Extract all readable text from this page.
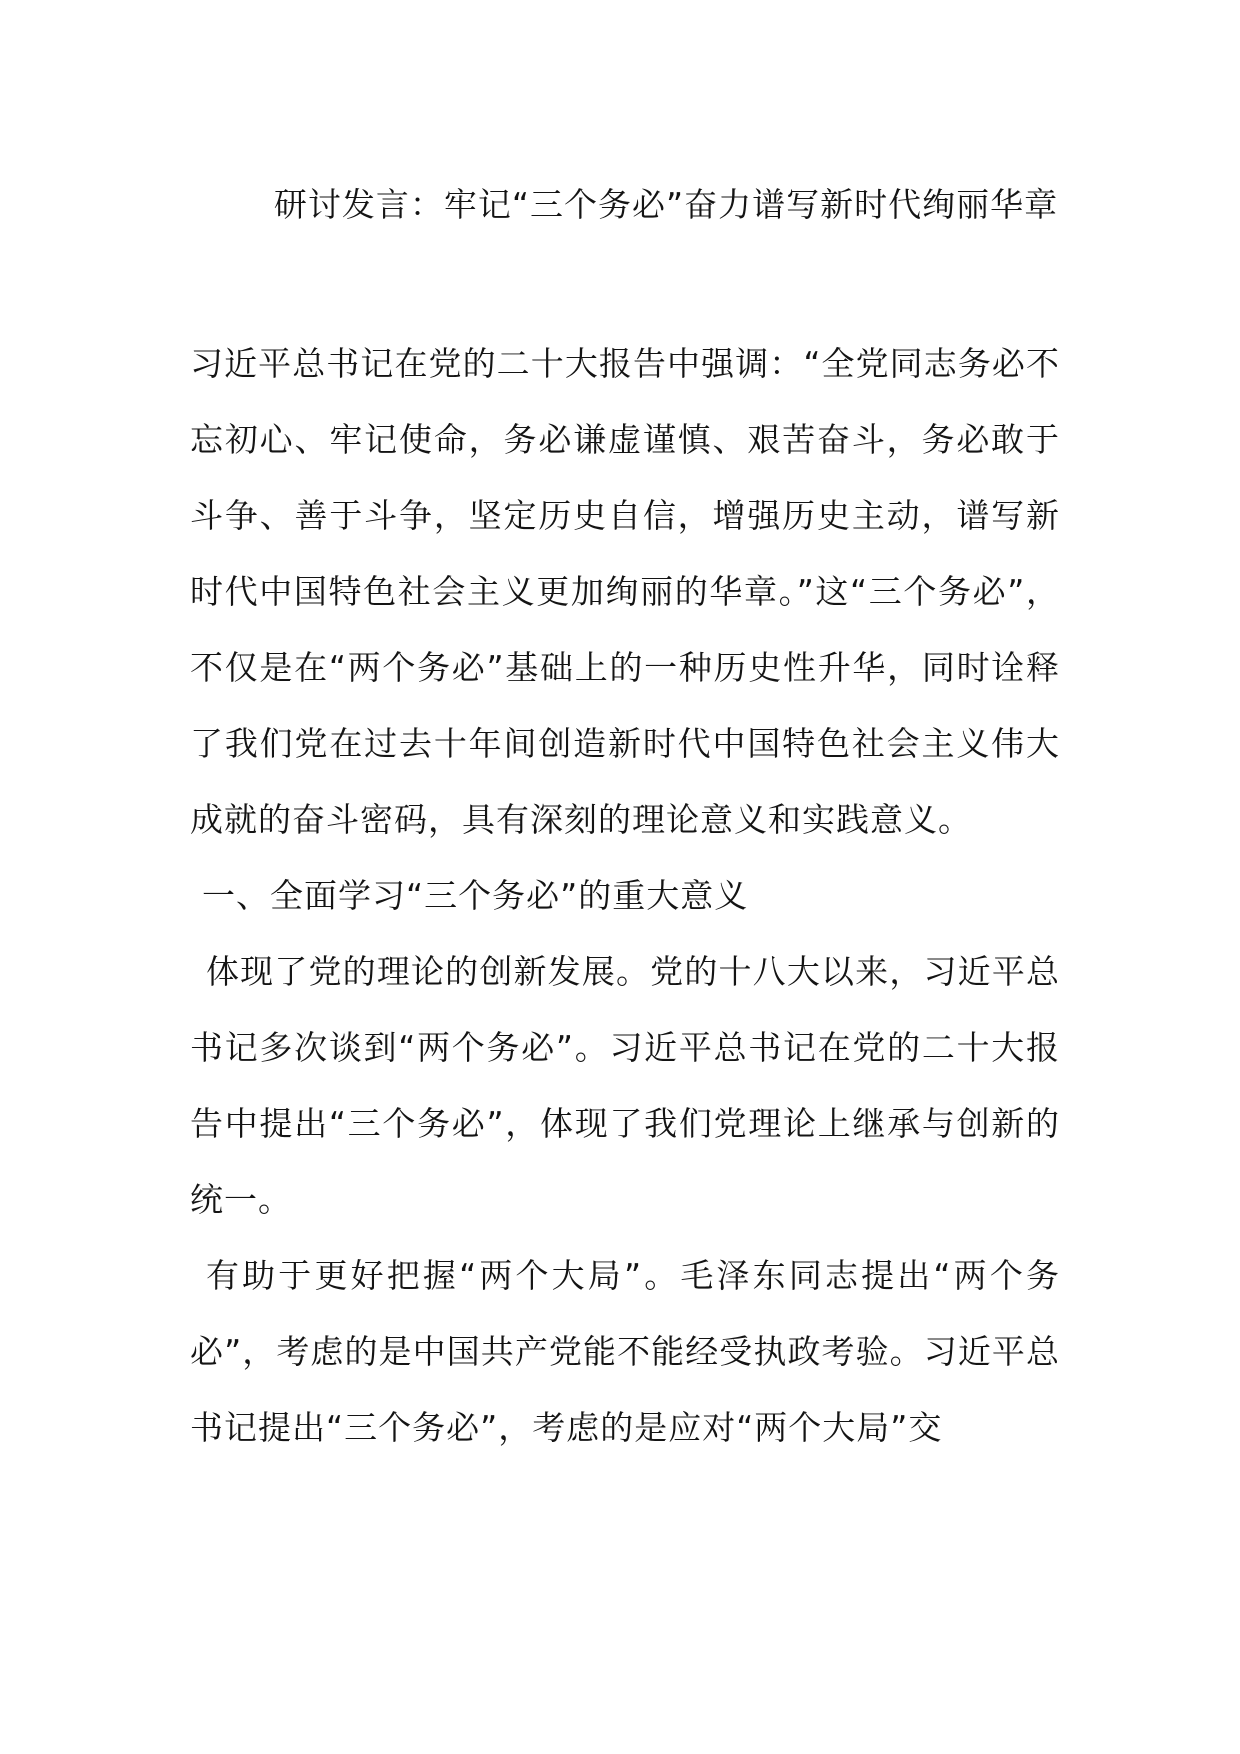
研讨发言：牢记“三个务必”奋力谱写新时代绚丽华章

习近平总书记在党的二十大报告中强调：“全党同志务必不忘初心、牢记使命，务必谦虚谨慎、艰苦奋斗，务必敢于斗争、善于斗争，坚定历史自信，增强历史主动，谱写新时代中国特色社会主义更加绚丽的华章。”这“三个务必”，不仅是在“两个务必”基础上的一种历史性升华，同时诠释了我们党在过去十年间创造新时代中国特色社会主义伟大成就的奋斗密码，具有深刻的理论意义和实践意义。

一、全面学习“三个务必”的重大意义

体现了党的理论的创新发展。党的十八大以来，习近平总书记多次谈到“两个务必”。习近平总书记在党的二十大报告中提出“三个务必”，体现了我们党理论上继承与创新的统一。

有助于更好把握“两个大局”。毛泽东同志提出“两个务必”，考虑的是中国共产党能不能经受执政考验。习近平总书记提出“三个务必”，考虑的是应对“两个大局”交
